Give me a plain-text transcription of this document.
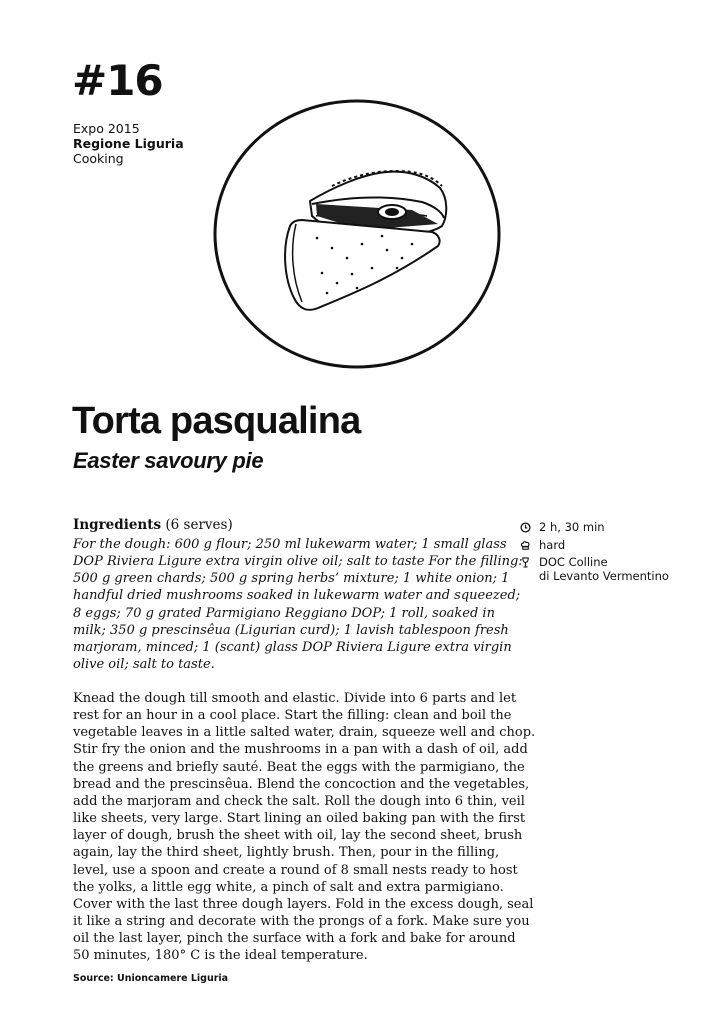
#16
Expo 2015
Regione Liguria
Cooking
Torta pasqualina
Easter savoury pie
Ingredients (6 serves)
For the dough: 600 g flour; 250 ml lukewarm water; 1 small glass
DOP Riviera Ligure extra virgin olive oil; salt to taste For the filling:
500 g green chards; 500 g spring herbs’ mixture; 1 white onion; 1
handful dried mushrooms soaked in lukewarm water and squeezed;
8 eggs; 70 g grated Parmigiano Reggiano DOP; 1 roll, soaked in
milk; 350 g prescinsêua (Ligurian curd); 1 lavish tablespoon fresh
marjoram, minced; 1 (scant) glass DOP Riviera Ligure extra virgin
olive oil; salt to taste.
Knead the dough till smooth and elastic. Divide into 6 parts and let
rest for an hour in a cool place. Start the filling: clean and boil the
vegetable leaves in a little salted water, drain, squeeze well and chop.
Stir fry the onion and the mushrooms in a pan with a dash of oil, add
the greens and briefly sauté. Beat the eggs with the parmigiano, the
bread and the prescinsêua. Blend the concoction and the vegetables,
add the marjoram and check the salt. Roll the dough into 6 thin, veil
like sheets, very large. Start lining an oiled baking pan with the first
layer of dough, brush the sheet with oil, lay the second sheet, brush
again, lay the third sheet, lightly brush. Then, pour in the filling,
level, use a spoon and create a round of 8 small nests ready to host
the yolks, a little egg white, a pinch of salt and extra parmigiano.
Cover with the last three dough layers. Fold in the excess dough, seal
it like a string and decorate with the prongs of a fork. Make sure you
oil the last layer, pinch the surface with a fork and bake for around
50 minutes, 180° C is the ideal temperature.
Source: Unioncamere Liguria
2 h, 30 min
hard
DOC Colline
di Levanto Vermentino
